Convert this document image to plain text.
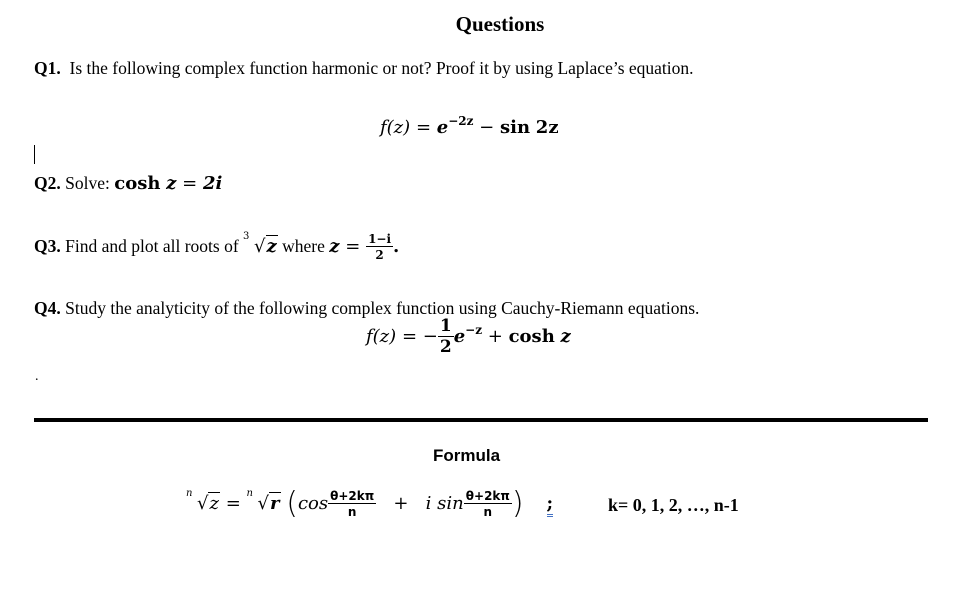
Questions
Q1. Is the following complex function harmonic or not? Proof it by using Laplace’s equation.
$f(z) = e^{-2z} - \sin 2z$
Q2. Solve: cosh z = 2i
Q3. Find and plot all roots of 3 √z where $z = \frac{1-i}{2}$ .
Q4. Study the analyticity of the following complex function using Cauchy-Riemann equations.
f(z) = − $\frac{1}{2} e^{-z} + \cosh z$
.
Formula
n √z = n √r ($\cos \frac{\theta+2k\pi}{n} + i$ $\sin \frac{\theta+2k\pi}{n}$ ) ;	k= 0, 1, 2, …, n-1
